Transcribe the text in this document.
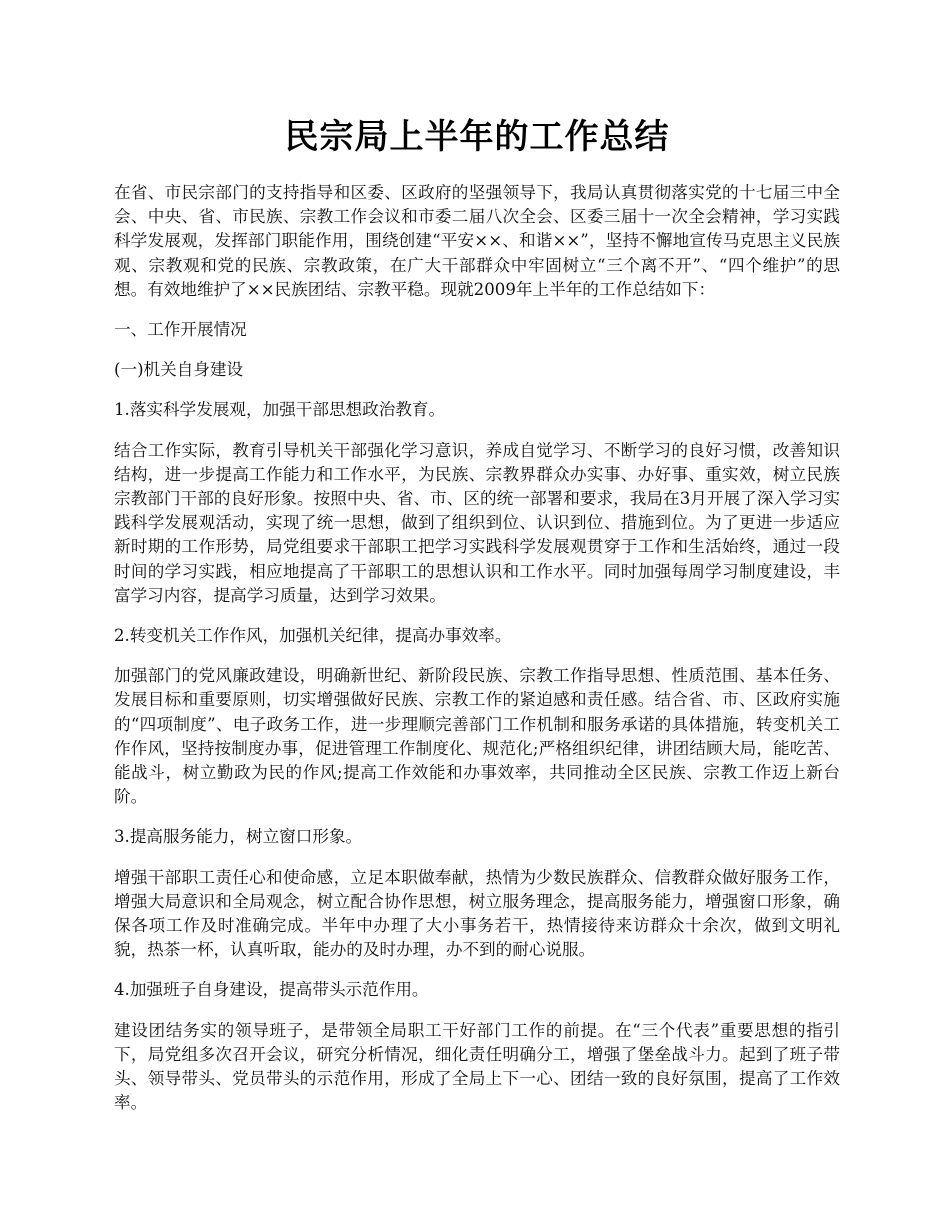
民宗局上半年的工作总结

在省、市民宗部门的支持指导和区委、区政府的坚强领导下，我局认真贯彻落实党的十七届三中全会、中央、省、市民族、宗教工作会议和市委二届八次全会、区委三届十一次全会精神，学习实践科学发展观，发挥部门职能作用，围绕创建“平安××、和谐××”，坚持不懈地宣传马克思主义民族观、宗教观和党的民族、宗教政策，在广大干部群众中牢固树立“三个离不开”、“四个维护”的思想。有效地维护了××民族团结、宗教平稳。现就2009年上半年的工作总结如下：

一、工作开展情况

(一)机关自身建设

1.落实科学发展观，加强干部思想政治教育。

结合工作实际，教育引导机关干部强化学习意识，养成自觉学习、不断学习的良好习惯，改善知识结构，进一步提高工作能力和工作水平，为民族、宗教界群众办实事、办好事、重实效，树立民族宗教部门干部的良好形象。按照中央、省、市、区的统一部署和要求，我局在3月开展了深入学习实践科学发展观活动，实现了统一思想，做到了组织到位、认识到位、措施到位。为了更进一步适应新时期的工作形势，局党组要求干部职工把学习实践科学发展观贯穿于工作和生活始终，通过一段时间的学习实践，相应地提高了干部职工的思想认识和工作水平。同时加强每周学习制度建设，丰富学习内容，提高学习质量，达到学习效果。

2.转变机关工作作风，加强机关纪律，提高办事效率。

加强部门的党风廉政建设，明确新世纪、新阶段民族、宗教工作指导思想、性质范围、基本任务、发展目标和重要原则，切实增强做好民族、宗教工作的紧迫感和责任感。结合省、市、区政府实施的“四项制度”、电子政务工作，进一步理顺完善部门工作机制和服务承诺的具体措施，转变机关工作作风，坚持按制度办事，促进管理工作制度化、规范化;严格组织纪律，讲团结顾大局，能吃苦、能战斗，树立勤政为民的作风;提高工作效能和办事效率，共同推动全区民族、宗教工作迈上新台阶。

3.提高服务能力，树立窗口形象。

增强干部职工责任心和使命感，立足本职做奉献，热情为少数民族群众、信教群众做好服务工作，增强大局意识和全局观念，树立配合协作思想，树立服务理念，提高服务能力，增强窗口形象，确保各项工作及时准确完成。半年中办理了大小事务若干，热情接待来访群众十余次，做到文明礼貌，热茶一杯，认真听取，能办的及时办理，办不到的耐心说服。

4.加强班子自身建设，提高带头示范作用。

建设团结务实的领导班子，是带领全局职工干好部门工作的前提。在“三个代表”重要思想的指引下，局党组多次召开会议，研究分析情况，细化责任明确分工，增强了堡垒战斗力。起到了班子带头、领导带头、党员带头的示范作用，形成了全局上下一心、团结一致的良好氛围，提高了工作效率。
